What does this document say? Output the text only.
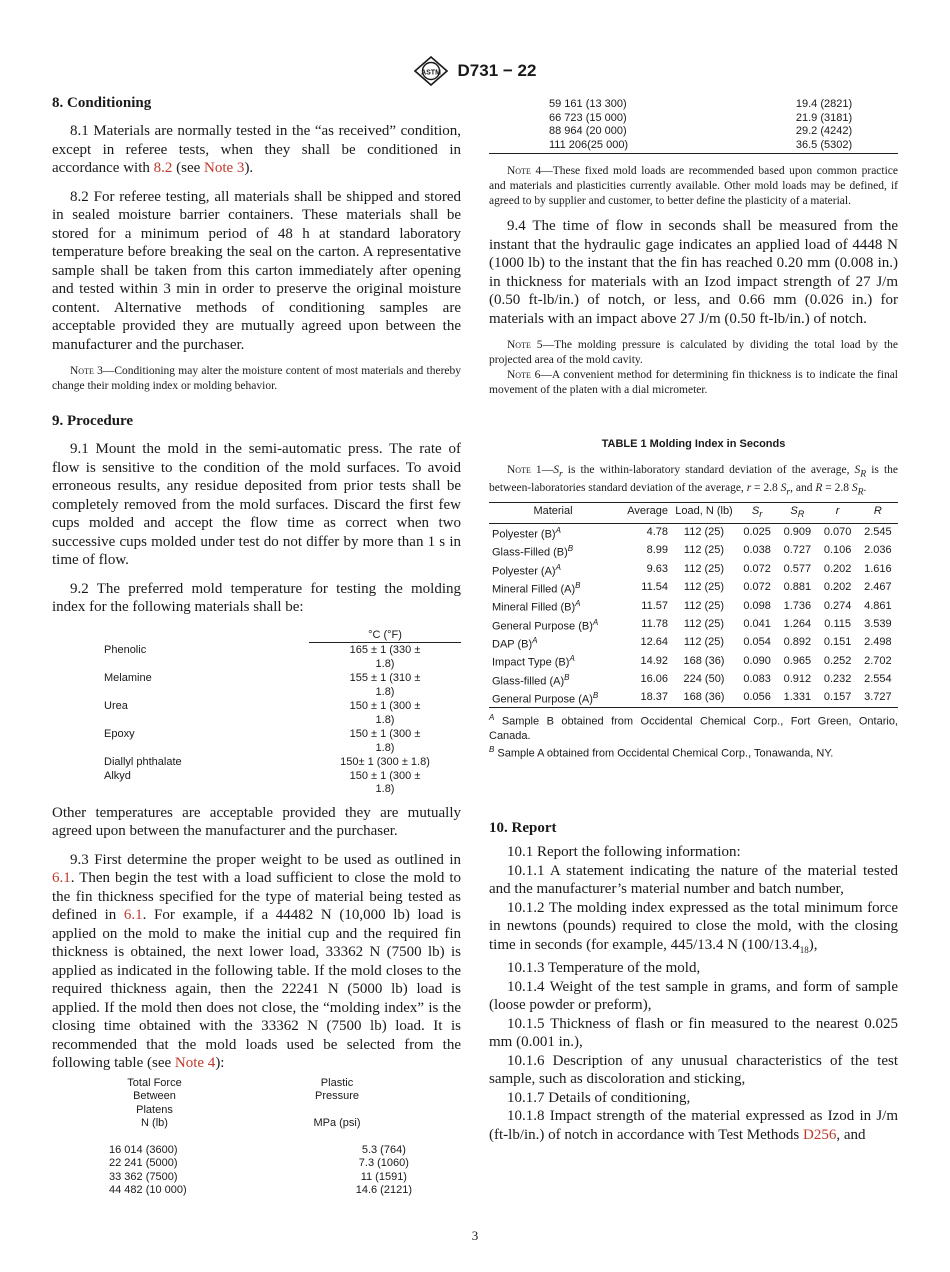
ASTM D731 − 22

8. Conditioning

8.1 Materials are normally tested in the “as received” condition, except in referee tests, when they shall be conditioned in accordance with 8.2 (see Note 3).

8.2 For referee testing, all materials shall be shipped and stored in sealed moisture barrier containers. These materials shall be stored for a minimum period of 48 h at standard laboratory temperature before breaking the seal on the carton. A representative sample shall be taken from this carton immediately after opening and tested within 3 min in order to preserve the original moisture content. Alternative methods of conditioning samples are acceptable provided they are mutually agreed upon between the manufacturer and the purchaser.

Note 3—Conditioning may alter the moisture content of most materials and thereby change their molding index or molding behavior.

9. Procedure

9.1 Mount the mold in the semi-automatic press. The rate of flow is sensitive to the condition of the mold surfaces. To avoid erroneous results, any residue deposited from prior tests shall be completely removed from the mold surfaces. Discard the first few cups molded and accept the flow time as correct when two successive cups molded under test do not differ by more than 1 s in time of flow.

9.2 The preferred mold temperature for testing the molding index for the following materials shall be:

°C (°F)
Phenolic	165 ± 1 (330 ±
1.8)
Melamine	155 ± 1 (310 ±
1.8)
Urea	150 ± 1 (300 ±
1.8)
Epoxy	150 ± 1 (300 ±
1.8)
Diallyl phthalate	150± 1 (300 ± 1.8)
Alkyd	150 ± 1 (300 ±
1.8)

Other temperatures are acceptable provided they are mutually agreed upon between the manufacturer and the purchaser.

9.3 First determine the proper weight to be used as outlined in 6.1. Then begin the test with a load sufficient to close the mold to the fin thickness specified for the type of material being tested as defined in 6.1. For example, if a 44482 N (10,000 lb) load is applied on the mold to make the initial cup and the required fin thickness is obtained, the next lower load, 33362 N (7500 lb) is applied as indicated in the following table. If the mold closes to the required thickness again, then the 22241 N (5000 lb) load is applied. If the mold then does not close, the “molding index” is the closing time obtained with the 33362 N (7500 lb) load. It is recommended that the mold loads used be selected from the following table (see Note 4):

Total Force
Between
Platens
N (lb)
Plastic
Pressure
MPa (psi)
16 014 (3600)	5.3 (764)
22 241 (5000)	7.3 (1060)
33 362 (7500)	11 (1591)
44 482 (10 000)	14.6 (2121)
59 161 (13 300)	19.4 (2821)
66 723 (15 000)	21.9 (3181)
88 964 (20 000)	29.2 (4242)
111 206(25 000)	36.5 (5302)

Note 4—These fixed mold loads are recommended based upon common practice and materials and plasticities currently available. Other mold loads may be defined, if agreed to by supplier and customer, to better define the plasticity of a material.

9.4 The time of flow in seconds shall be measured from the instant that the hydraulic gage indicates an applied load of 4448 N (1000 lb) to the instant that the fin has reached 0.20 mm (0.008 in.) in thickness for materials with an Izod impact strength of 27 J/m (0.50 ft-lb/in.) of notch, or less, and 0.66 mm (0.026 in.) for materials with an impact above 27 J/m (0.50 ft-lb/in.) of notch.

Note 5—The molding pressure is calculated by dividing the total load by the projected area of the mold cavity.

Note 6—A convenient method for determining fin thickness is to indicate the final movement of the platen with a dial micrometer.

TABLE 1 Molding Index in Seconds

Note $1—S_r$ is the within-laboratory standard deviation of the average, $S_R$ is the between-laboratories standard deviation of the average, r = 2.8 $S_r$, and R = 2.8 $S_R$.

Material	Average	Load, N (lb)	$S_r$	$S_R$	r	R
Polyester $(B)^A$	4.78	112 (25)	0.025	0.909	0.070	2.545
Glass-Filled $(B)^B$	8.99	112 (25)	0.038	0.727	0.106	2.036
Polyester $(A)^A$	9.63	112 (25)	0.072	0.577	0.202	1.616
Mineral Filled $(A)^B$	11.54	112 (25)	0.072	0.881	0.202	2.467
Mineral Filled $(B)^A$	11.57	112 (25)	0.098	1.736	0.274	4.861
General Purpose $(B)^A$	11.78	112 (25)	0.041	1.264	0.115	3.539
DAP $(B)^A$	12.64	112 (25)	0.054	0.892	0.151	2.498
Impact Type $(B)^A$	14.92	168 (36)	0.090	0.965	0.252	2.702
Glass-filled $(A)^B$	16.06	224 (50)	0.083	0.912	0.232	2.554
General Purpose $(A)^B$	18.37	168 (36)	0.056	1.331	0.157	3.727

$^A$ Sample B obtained from Occidental Chemical Corp., Fort Green, Ontario, Canada.

$^B$ Sample A obtained from Occidental Chemical Corp., Tonawanda, NY.

10. Report

10.1 Report the following information:

10.1.1 A statement indicating the nature of the material tested and the manufacturer’s material number and batch number,

10.1.2 The molding index expressed as the total minimum force in newtons (pounds) required to close the mold, with the closing time in seconds (for example, 445/13.4 N $(100/13.4_{18})$,

10.1.3 Temperature of the mold,

10.1.4 Weight of the test sample in grams, and form of sample (loose powder or preform),

10.1.5 Thickness of flash or fin measured to the nearest 0.025 mm (0.001 in.),

10.1.6 Description of any unusual characteristics of the test sample, such as discoloration and sticking,

10.1.7 Details of conditioning,

10.1.8 Impact strength of the material expressed as Izod in J/m (ft-lb/in.) of notch in accordance with Test Methods D256, and

3
